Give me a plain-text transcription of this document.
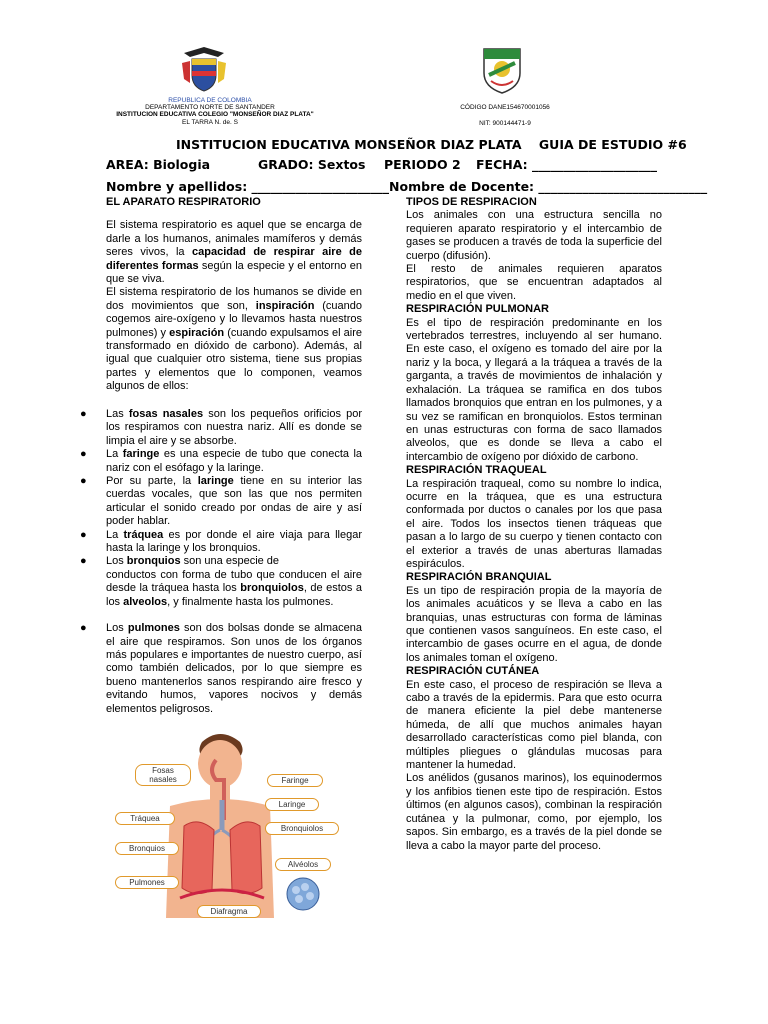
REPUBLICA DE COLOMBIA
DEPARTAMENTO NORTE DE SANTANDER
INSTITUCION EDUCATIVA COLEGIO "MONSEÑOR DIAZ PLATA"
EL TARRA N. de. S
CÓDIGO DANE154670001056
NIT: 900144471-9
INSTITUCION EDUCATIVA MONSEÑOR DIAZ PLATA    GUIA DE ESTUDIO #6
AREA: Biologia	GRADO: Sextos PERIODO 2 FECHA: ____________________
Nombre y apellidos: ______________________Nombre de Docente: ___________________________
EL APARATO RESPIRATORIO

El sistema respiratorio es aquel que se encarga de darle a los humanos, animales mamíferos y demás seres vivos, la capacidad de respirar aire de diferentes formas según la especie y el entorno en que se viva.

El sistema respiratorio de los humanos se divide en dos movimientos que son, inspiración (cuando cogemos aire-oxígeno y lo llevamos hasta nuestros pulmones) y espiración (cuando expulsamos el aire transformado en dióxido de carbono). Además, al igual que cualquier otro sistema, tiene sus propias partes y elementos que lo componen, veamos algunos de ellos:

● Las fosas nasales son los pequeños orificios por los respiramos con nuestra nariz. Allí es donde se limpia el aire y se absorbe.
● La faringe es una especie de tubo que conecta la nariz con el esófago y la laringe.
● Por su parte, la laringe tiene en su interior las cuerdas vocales, que son las que nos permiten articular el sonido creado por ondas de aire y así poder hablar.
● La tráquea es por donde el aire viaja para llegar hasta la laringe y los bronquios.
● Los bronquios son una especie de
conductos con forma de tubo que conducen el aire desde la tráquea hasta los bronquiolos, de estos a los alveolos, y finalmente hasta los pulmones.
● Los pulmones son dos bolsas donde se almacena el aire que respiramos. Son unos de los órganos más populares e importantes de nuestro cuerpo, así como también delicados, por lo que siempre es bueno mantenerlos sanos respirando aire fresco y evitando humos, vapores nocivos y demás elementos peligrosos.
Fosas nasales	Faringe
Laringe
Tráquea
Bronquiolos
Bronquios
Alvéolos
Pulmones
Diafragma
TIPOS DE RESPIRACION

Los animales con una estructura sencilla no requieren aparato respiratorio y el intercambio de gases se producen a través de toda la superficie del cuerpo (difusión).

El resto de animales requieren aparatos respiratorios, que se encuentran adaptados al medio en el que viven.

RESPIRACIÓN PULMONAR

Es el tipo de respiración predominante en los vertebrados terrestres, incluyendo al ser humano. En este caso, el oxígeno es tomado del aire por la nariz y la boca, y llegará a la tráquea a través de la garganta, a través de movimientos de inhalación y exhalación. La tráquea se ramifica en dos tubos llamados bronquios que entran en los pulmones, y a su vez se ramifican en bronquiolos. Estos terminan en unas estructuras con forma de saco llamados alveolos, que es donde se lleva a cabo el intercambio de oxígeno por dióxido de carbono.

RESPIRACIÓN TRAQUEAL

La respiración traqueal, como su nombre lo indica, ocurre en la tráquea, que es una estructura conformada por ductos o canales por los que pasa el aire. Todos los insectos tienen tráqueas que pasan a lo largo de su cuerpo y tienen contacto con el exterior a través de unas aberturas llamadas espiráculos.

RESPIRACIÓN BRANQUIAL

Es un tipo de respiración propia de la mayoría de los animales acuáticos y se lleva a cabo en las branquias, unas estructuras con forma de láminas que contienen vasos sanguíneos. En este caso, el intercambio de gases ocurre en el agua, de donde los animales toman el oxígeno.

RESPIRACIÓN CUTÁNEA

En este caso, el proceso de respiración se lleva a cabo a través de la epidermis. Para que esto ocurra de manera eficiente la piel debe mantenerse húmeda, de allí que muchos animales hayan desarrollado características como piel blanda, con múltiples pliegues o glándulas mucosas para mantener la humedad.

Los anélidos (gusanos marinos), los equinodermos y los anfibios tienen este tipo de respiración. Estos últimos (en algunos casos), combinan la respiración cutánea y la pulmonar, como, por ejemplo, los sapos. Sin embargo, es a través de la piel donde se lleva a cabo la mayor parte del proceso.
